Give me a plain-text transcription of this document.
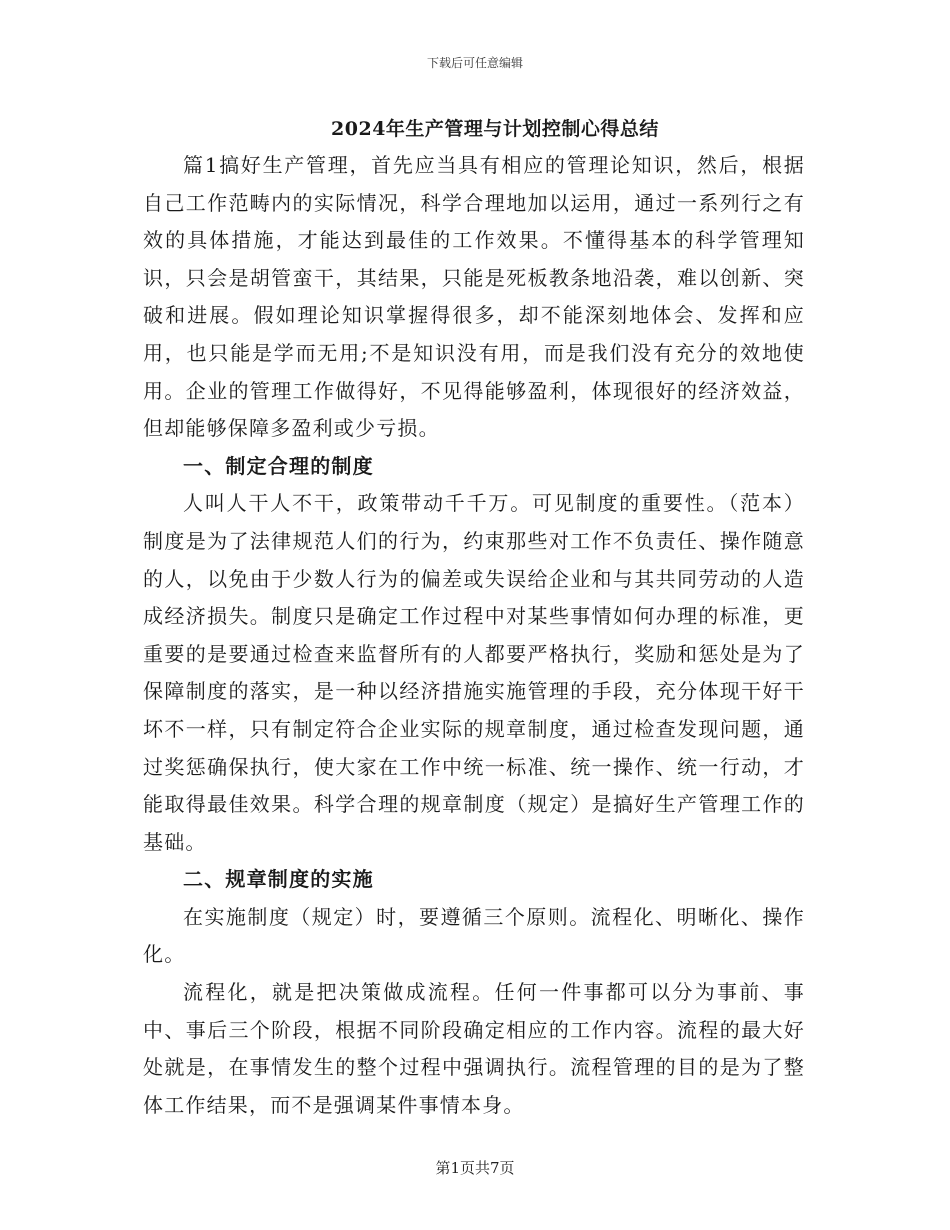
下载后可任意编辑
2024年生产管理与计划控制心得总结

篇1搞好生产管理，首先应当具有相应的管理论知识，然后，根据自己工作范畴内的实际情况，科学合理地加以运用，通过一系列行之有效的具体措施，才能达到最佳的工作效果。不懂得基本的科学管理知识，只会是胡管蛮干，其结果，只能是死板教条地沿袭，难以创新、突破和进展。假如理论知识掌握得很多，却不能深刻地体会、发挥和应用，也只能是学而无用;不是知识没有用，而是我们没有充分的效地使用。企业的管理工作做得好，不见得能够盈利，体现很好的经济效益，但却能够保障多盈利或少亏损。

一、制定合理的制度

人叫人干人不干，政策带动千千万。可见制度的重要性。（范本）制度是为了法律规范人们的行为，约束那些对工作不负责任、操作随意的人，以免由于少数人行为的偏差或失误给企业和与其共同劳动的人造成经济损失。制度只是确定工作过程中对某些事情如何办理的标准，更重要的是要通过检查来监督所有的人都要严格执行，奖励和惩处是为了保障制度的落实，是一种以经济措施实施管理的手段，充分体现干好干坏不一样，只有制定符合企业实际的规章制度，通过检查发现问题，通过奖惩确保执行，使大家在工作中统一标准、统一操作、统一行动，才能取得最佳效果。科学合理的规章制度（规定）是搞好生产管理工作的基础。

二、规章制度的实施

在实施制度（规定）时，要遵循三个原则。流程化、明晰化、操作化。

流程化，就是把决策做成流程。任何一件事都可以分为事前、事中、事后三个阶段，根据不同阶段确定相应的工作内容。流程的最大好处就是，在事情发生的整个过程中强调执行。流程管理的目的是为了整体工作结果，而不是强调某件事情本身。

第1页共7页
